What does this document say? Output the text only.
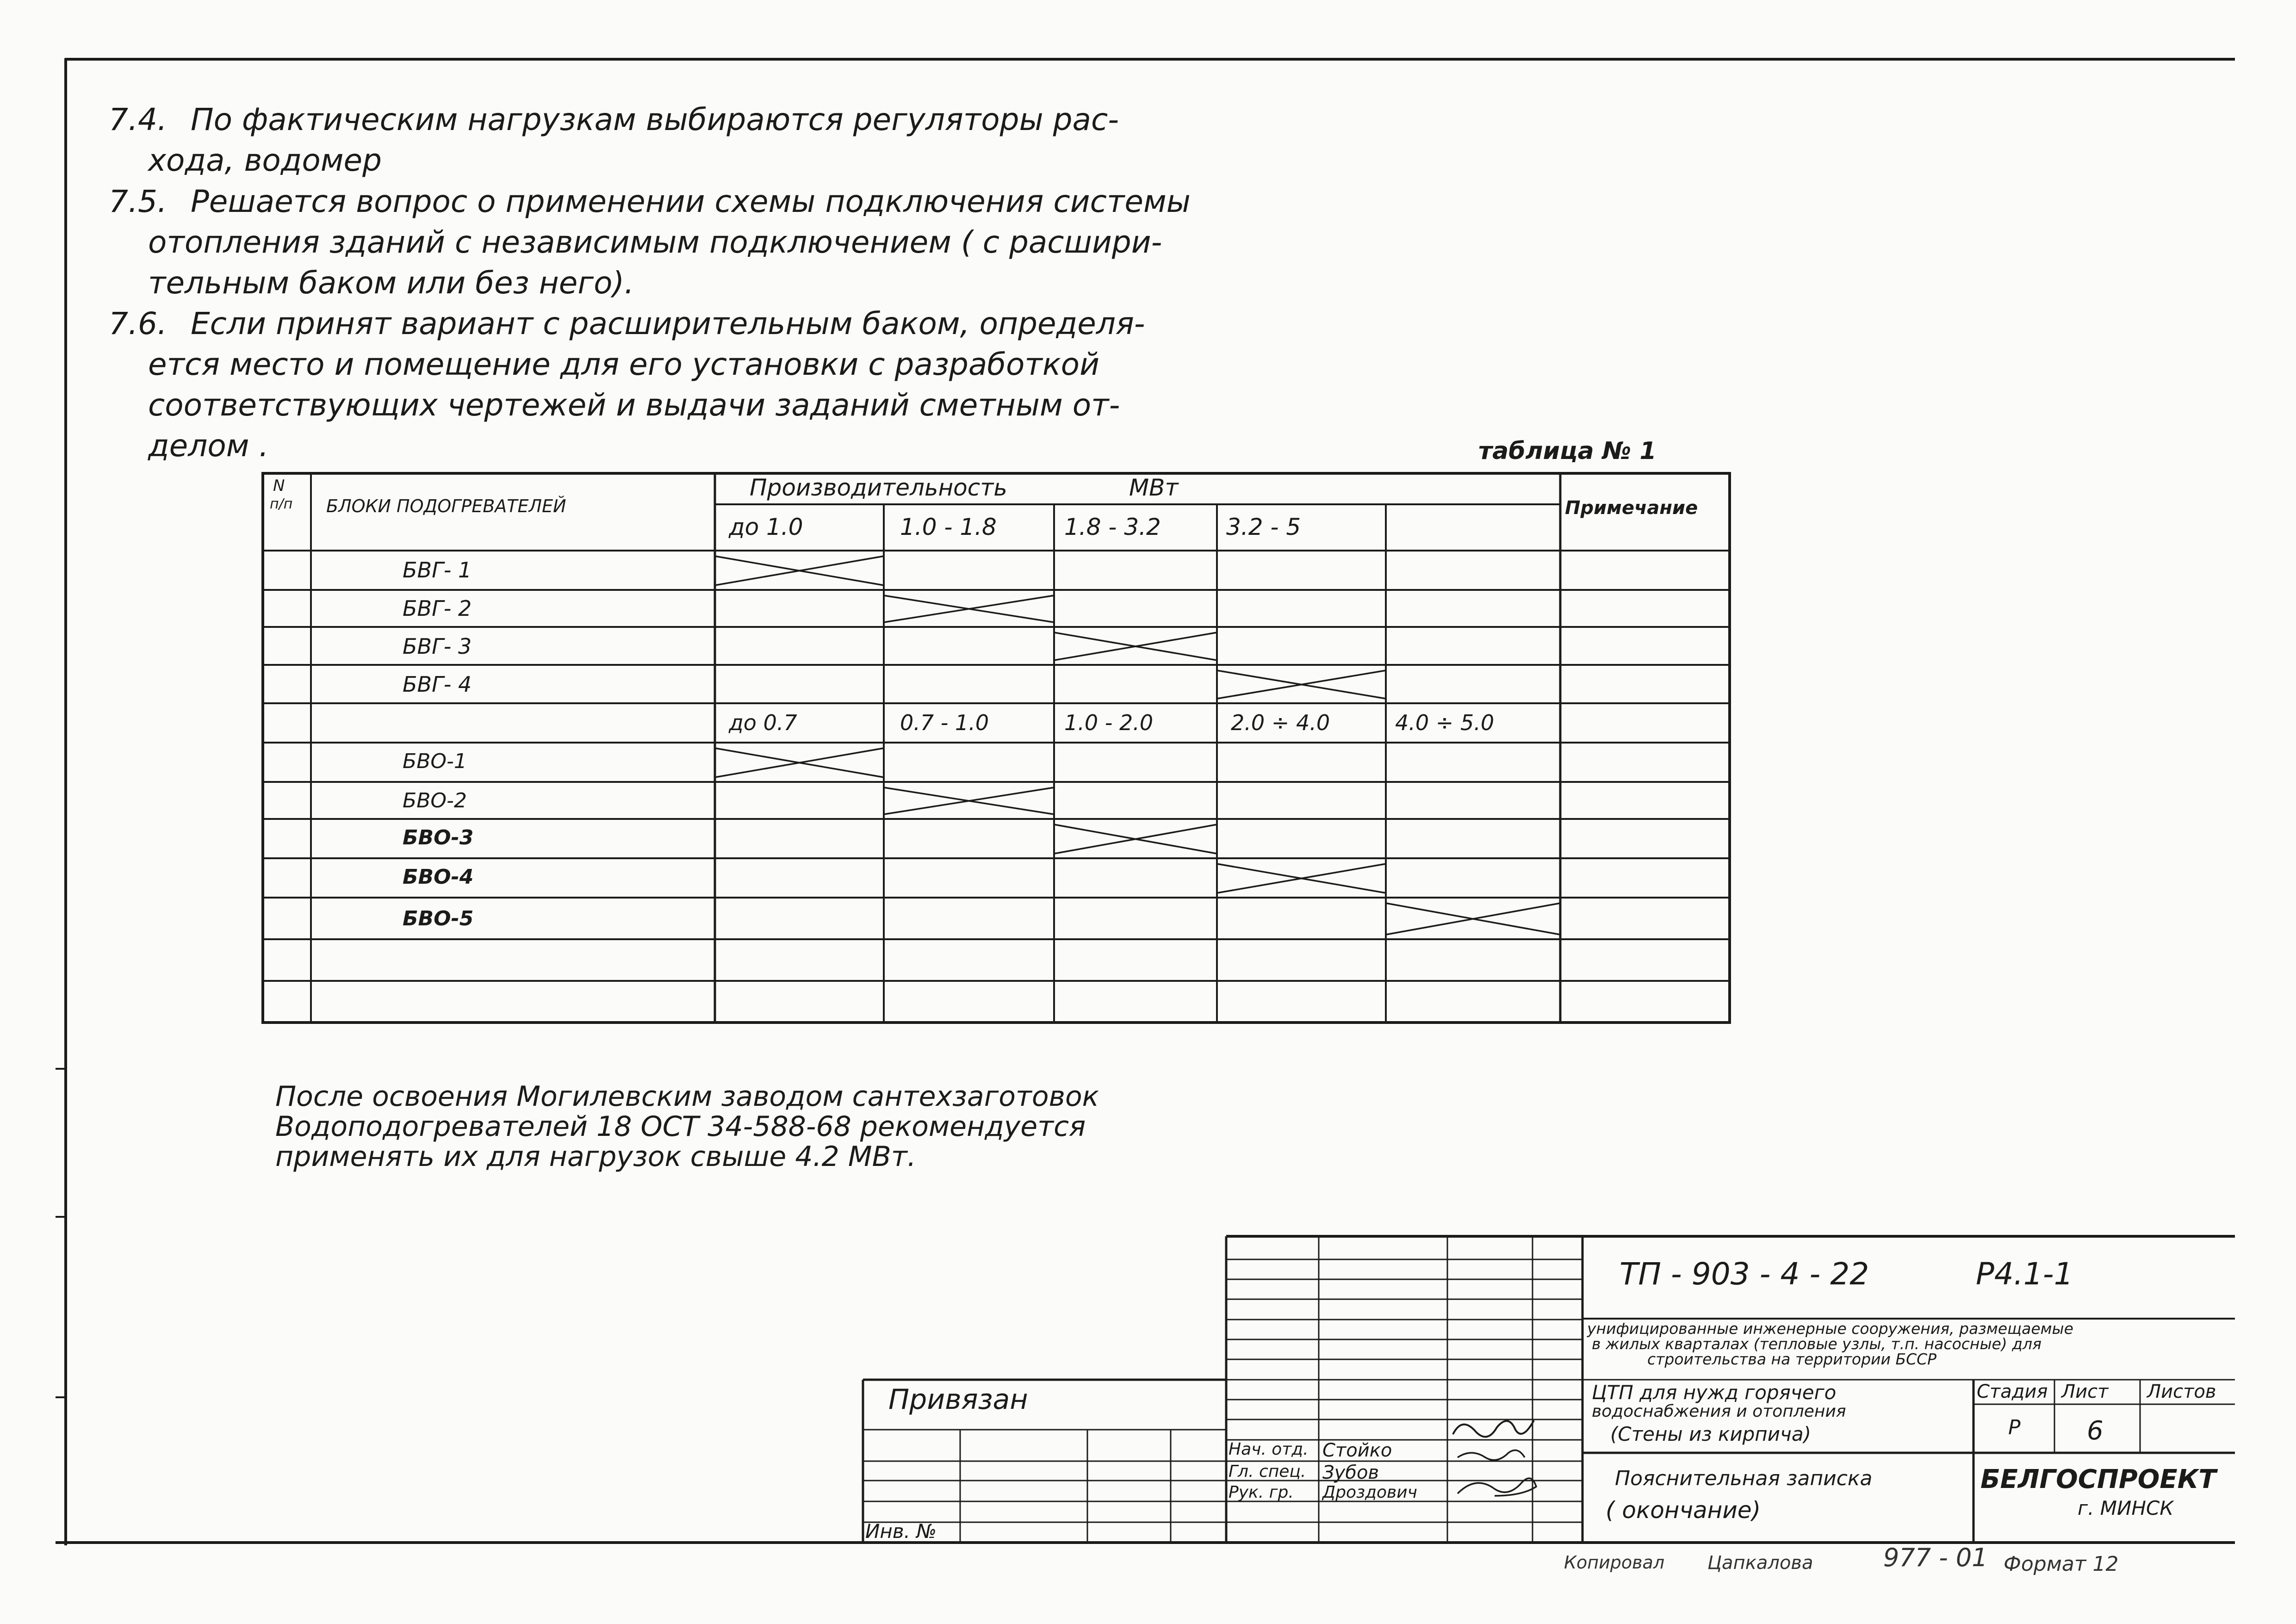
7.4. По фактическим нагрузкам выбираются регуляторы рас-
хода, водомер
7.5. Решается вопрос о применении схемы подключения системы
отопления зданий с независимым подключением ( с расшири-
тельным баком или без него).
7.6. Если принят вариант с расширительным баком, определя-
ется место и помещение для его установки с разработкой
соответствующих чертежей и выдачи заданий сметным от-
делом .	таблица № 1
N
п/п БЛОКИ ПОДОГРЕВАТЕЛЕЙ
Производительность	МВт
Примечание
до 1.0	1.0 - 1.8	1.8 - 3.2	3.2 - 5
БВГ- 1
БВГ- 2
БВГ- 3
БВГ- 4
до 0.7	0.7 - 1.0	1.0 - 2.0	2.0 ÷ 4.0	4.0 ÷ 5.0
БВО-1
БВО-2
БВО-3
БВО-4
БВО-5
После освоения Могилевским заводом сантехзаготовок
Водоподогревателей 18 ОСТ 34-588-68 рекомендуется
применять их для нагрузок свыше 4.2 МВт.
ТП - 903 - 4 - 22	Р4.1-1
унифицированные инженерные сооружения, размещаемые
в жилых кварталах (тепловые узлы, т.п. насосные) для
строительства на территории БССР
ЦТП для нужд горячего
водоснабжения и отопления
(Стены из кирпича)
Пояснительная записка
( окончание)
Стадия Лист Листов
Р	6
БЕЛГОСПРОЕКТ
г. МИНСК
Привязан
Инв. №
Нач. отд. Стойко
Гл. спец. Зубов
Рук. гр. Дроздович
Копировал Цапкалова	977 - 01 Формат 12
